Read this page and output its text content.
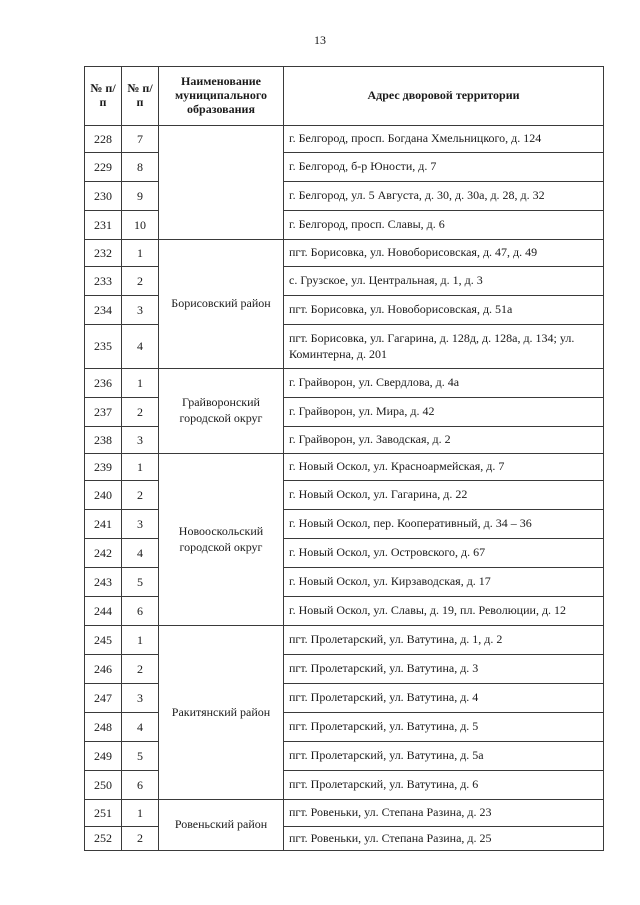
13
№ п/п	№ п/п	Наименование муниципального образования	Адрес дворовой территории
228	7		г. Белгород, просп. Богдана Хмельницкого, д. 124
229	8		г. Белгород, б-р Юности, д. 7
230	9		г. Белгород, ул. 5 Августа, д. 30, д. 30а, д. 28, д. 32
231	10		г. Белгород, просп. Славы, д. 6
232	1	Борисовский район	пгт. Борисовка, ул. Новоборисовская, д. 47, д. 49
233	2		с. Грузское, ул. Центральная, д. 1, д. 3
234	3		пгт. Борисовка, ул. Новоборисовская, д. 51а
235	4		пгт. Борисовка, ул. Гагарина, д. 128д, д. 128а, д. 134; ул. Коминтерна, д. 201
236	1	Грайворонский городской округ	г. Грайворон, ул. Свердлова, д. 4а
237	2		г. Грайворон, ул. Мира, д. 42
238	3		г. Грайворон, ул. Заводская, д. 2
239	1	Новооскольский городской округ	г. Новый Оскол, ул. Красноармейская, д. 7
240	2		г. Новый Оскол, ул. Гагарина, д. 22
241	3		г. Новый Оскол, пер. Кооперативный, д. 34 – 36
242	4		г. Новый Оскол, ул. Островского, д. 67
243	5		г. Новый Оскол, ул. Кирзаводская, д. 17
244	6		г. Новый Оскол, ул. Славы, д. 19, пл. Революции, д. 12
245	1	Ракитянский район	пгт. Пролетарский, ул. Ватутина, д. 1, д. 2
246	2		пгт. Пролетарский, ул. Ватутина, д. 3
247	3		пгт. Пролетарский, ул. Ватутина, д. 4
248	4		пгт. Пролетарский, ул. Ватутина, д. 5
249	5		пгт. Пролетарский, ул. Ватутина, д. 5а
250	6		пгт. Пролетарский, ул. Ватутина, д. 6
251	1	Ровеньский район	пгт. Ровеньки, ул. Степана Разина, д. 23
252	2		пгт. Ровеньки, ул. Степана Разина, д. 25
